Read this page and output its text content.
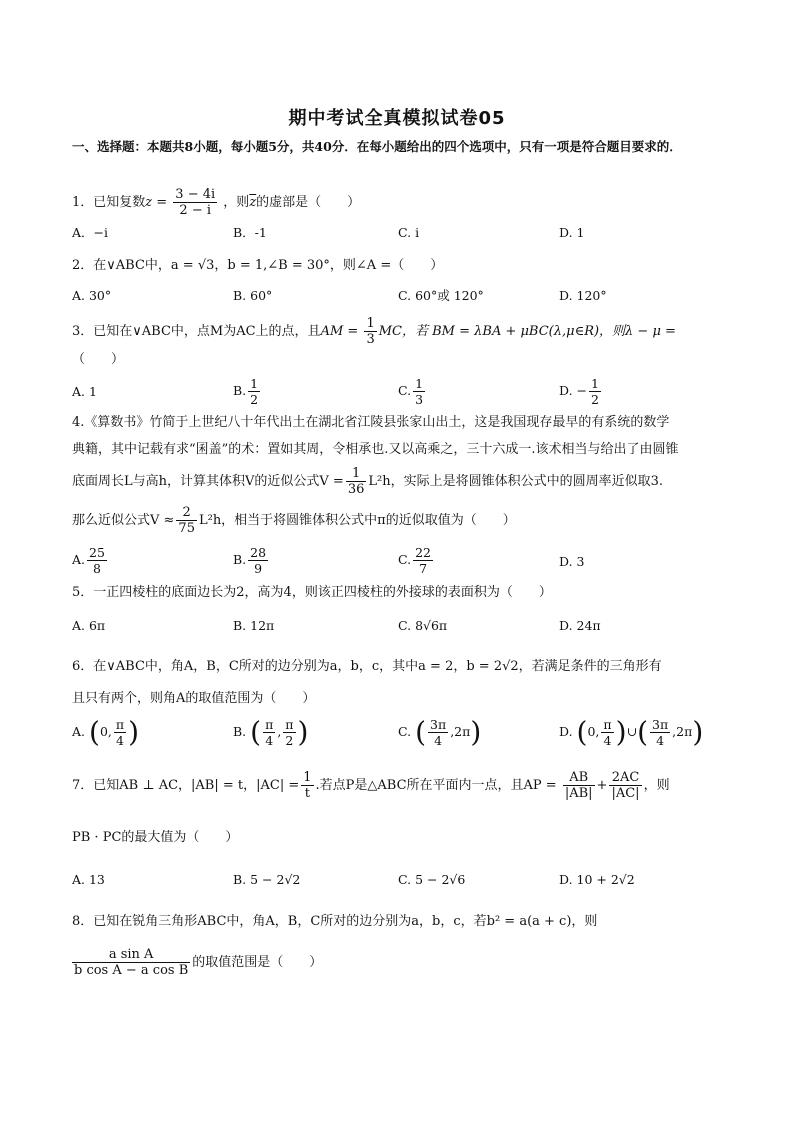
期中考试全真模拟试卷05
一、选择题：本题共8小题，每小题5分，共40分．在每小题给出的四个选项中，只有一项是符合题目要求的．
1．已知复数$z = \frac{3 - 4i}{2 - i}$ ，则$\overline{z}$的虚部是（　　）
A．−i	B．-1	C. i	D. 1
2．在∨ABC中，a = √3，b = 1,∠B = 30°，则∠A =（　　）
A. 30°	B. 60°	C. 60°或 120°	D. 120°
3．已知在∨ABC中，点M为AC上的点，且AM = $\frac{1}{3}$ MC，若 BM = λBA + μBC(λ,μ∈R)，则λ − μ =
（　　）
A. 1	B. $\frac{1}{2}$	C. $\frac{1}{3}$	D. − $\frac{1}{2}$
4.《算数书》竹简于上世纪八十年代出土在湖北省江陵县张家山出土，这是我国现存最早的有系统的数学
典籍，其中记载有求“囷盖”的术：置如其周，令相承也.又以高乘之，三十六成一.该术相当与给出了由圆锥
底面周长L与高h，计算其体积V的近似公式$V = \frac{1}{36} L^2h$，实际上是将圆锥体积公式中的圆周率近似取3.
那么近似公式$V \approx \frac{2}{75} L^2h$，相当于将圆锥体积公式中π的近似取值为（　　）
A. $\frac{25}{8}$	B. $\frac{28}{9}$	C. $\frac{22}{7}$	D. 3
5．一正四棱柱的底面边长为2，高为4，则该正四棱柱的外接球的表面积为（　　）
A. 6π	B. 12π	C. 8√6π	D. 24π
6．在∨ABC中，角A，B，C所对的边分别为a，b，c，其中a = 2，b = 2√2，若满足条件的三角形有
且只有两个，则角A的取值范围为（　　）
A. (0, $\frac{\pi}{4}$ )	B. ( $\frac{\pi}{4}$ , $\frac{\pi}{2}$ )	C. ( $\frac{3\pi}{4} ,2\pi$)	D. (0, $\frac{\pi}{4}$ )∪( $\frac{3\pi}{4} ,2\pi$)
7．已知AB ⊥ AC，|AB| = t，$|AC| = \frac{1}{t}$ .若点P是△ABC所在平面内一点，且AP = $\frac{AB}{|AB|} + \frac{2AC}{|AC|}$ ，则
PB · PC的最大值为（　　）
A. 13	B. 5 − 2√2	C. 5 − 2√6	D. 10 + 2√2
8．已知在锐角三角形ABC中，角A，B，C所对的边分别为a，b，c，若b² = a(a + c)，则
$\frac{\text{a sin A}}{\text{b cos A − a cos B}}$ 的取值范围是（　　）
